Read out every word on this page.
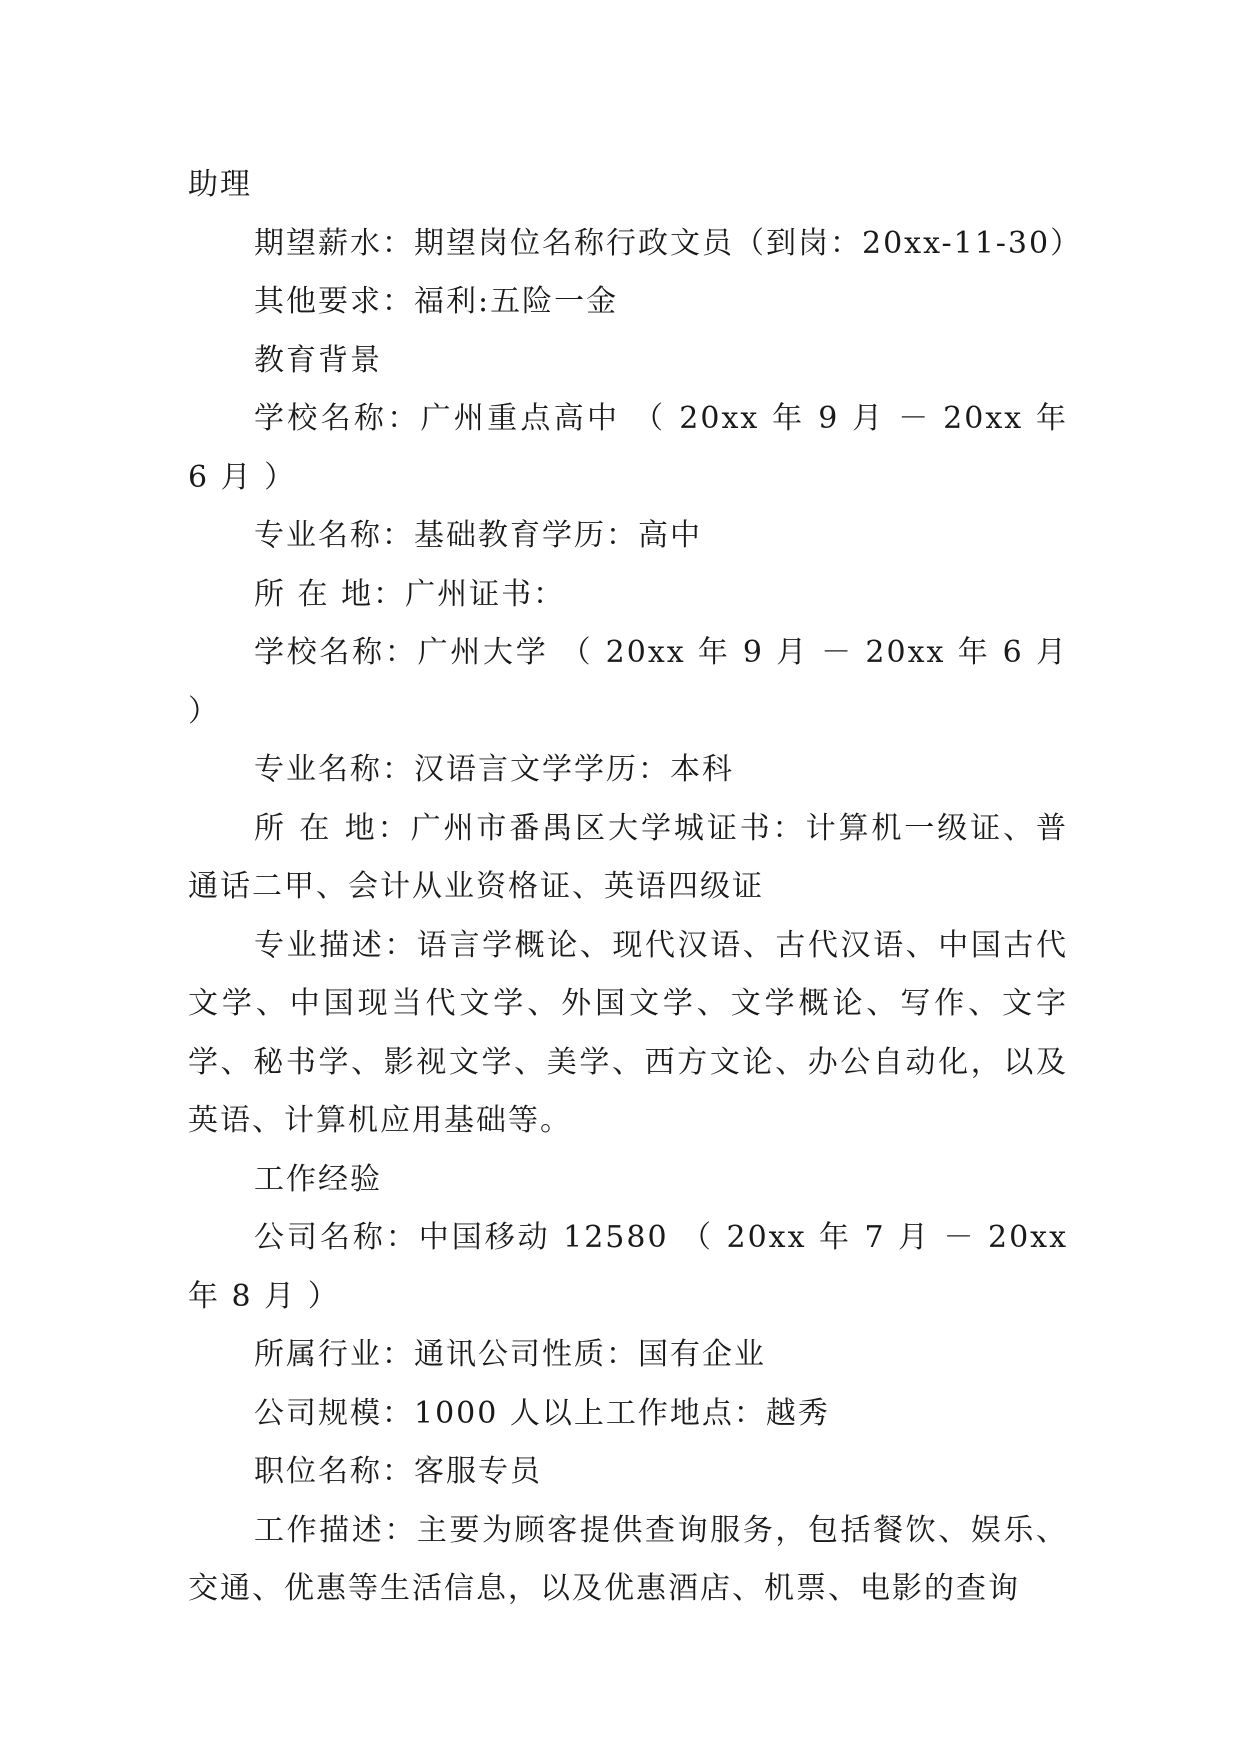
助理

期望薪水：期望岗位名称行政文员（到岗：20xx-11-30）

其他要求：福利:五险一金

教育背景

学校名称：广州重点高中 （ 20xx 年 9 月 － 20xx 年 6 月 ）

专业名称：基础教育学历：高中

所 在 地：广州证书：

学校名称：广州大学 （ 20xx 年 9 月 － 20xx 年 6 月 ）

专业名称：汉语言文学学历：本科

所 在 地：广州市番禺区大学城证书：计算机一级证、普通话二甲、会计从业资格证、英语四级证

专业描述：语言学概论、现代汉语、古代汉语、中国古代文学、中国现当代文学、外国文学、文学概论、写作、文字学、秘书学、影视文学、美学、西方文论、办公自动化，以及英语、计算机应用基础等。

工作经验

公司名称：中国移动 12580 （ 20xx 年 7 月 － 20xx 年 8 月 ）

所属行业：通讯公司性质：国有企业

公司规模：1000 人以上工作地点：越秀

职位名称：客服专员

工作描述：主要为顾客提供查询服务，包括餐饮、娱乐、交通、优惠等生活信息，以及优惠酒店、机票、电影的查询
